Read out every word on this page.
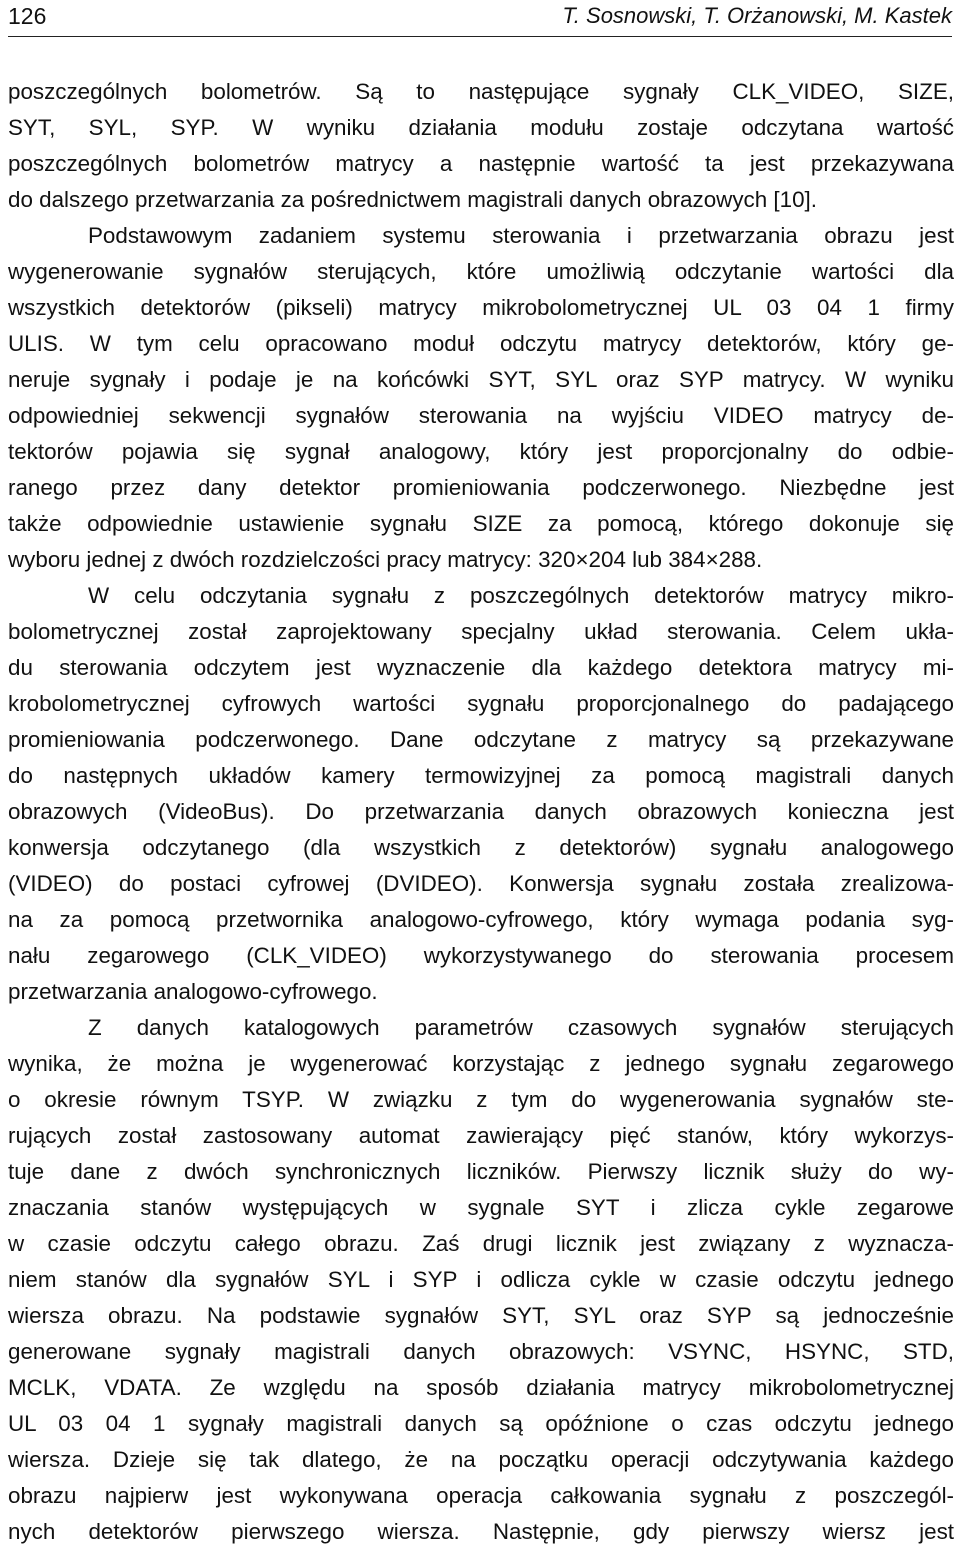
126	T. Sosnowski, T. Orżanowski, M. Kastek
poszczególnych bolometrów. Są to następujące sygnały CLK_VIDEO, SIZE,
SYT, SYL, SYP. W wyniku działania modułu zostaje odczytana wartość
poszczególnych bolometrów matrycy a następnie wartość ta jest przekazywana
do dalszego przetwarzania za pośrednictwem magistrali danych obrazowych [10].
Podstawowym zadaniem systemu sterowania i przetwarzania obrazu jest
wygenerowanie sygnałów sterujących, które umożliwią odczytanie wartości dla
wszystkich detektorów (pikseli) matrycy mikrobolometrycznej UL 03 04 1 firmy
ULIS. W tym celu opracowano moduł odczytu matrycy detektorów, który ge-
neruje sygnały i podaje je na końcówki SYT, SYL oraz SYP matrycy. W wyniku
odpowiedniej sekwencji sygnałów sterowania na wyjściu VIDEO matrycy de-
tektorów pojawia się sygnał analogowy, który jest proporcjonalny do odbie-
ranego przez dany detektor promieniowania podczerwonego. Niezbędne jest
także odpowiednie ustawienie sygnału SIZE za pomocą, którego dokonuje się
wyboru jednej z dwóch rozdzielczości pracy matrycy: 320×204 lub 384×288.
W celu odczytania sygnału z poszczególnych detektorów matrycy mikro-
bolometrycznej został zaprojektowany specjalny układ sterowania. Celem ukła-
du sterowania odczytem jest wyznaczenie dla każdego detektora matrycy mi-
krobolometrycznej cyfrowych wartości sygnału proporcjonalnego do padającego
promieniowania podczerwonego. Dane odczytane z matrycy są przekazywane
do następnych układów kamery termowizyjnej za pomocą magistrali danych
obrazowych (VideoBus). Do przetwarzania danych obrazowych konieczna jest
konwersja odczytanego (dla wszystkich z detektorów) sygnału analogowego
(VIDEO) do postaci cyfrowej (DVIDEO). Konwersja sygnału została zrealizowa-
na za pomocą przetwornika analogowo-cyfrowego, który wymaga podania syg-
nału zegarowego (CLK_VIDEO) wykorzystywanego do sterowania procesem
przetwarzania analogowo-cyfrowego.
Z danych katalogowych parametrów czasowych sygnałów sterujących
wynika, że można je wygenerować korzystając z jednego sygnału zegarowego
o okresie równym TSYP. W związku z tym do wygenerowania sygnałów ste-
rujących został zastosowany automat zawierający pięć stanów, który wykorzys-
tuje dane z dwóch synchronicznych liczników. Pierwszy licznik służy do wy-
znaczania stanów występujących w sygnale SYT i zlicza cykle zegarowe
w czasie odczytu całego obrazu. Zaś drugi licznik jest związany z wyznacza-
niem stanów dla sygnałów SYL i SYP i odlicza cykle w czasie odczytu jednego
wiersza obrazu. Na podstawie sygnałów SYT, SYL oraz SYP są jednocześnie
generowane sygnały magistrali danych obrazowych: VSYNC, HSYNC, STD,
MCLK, VDATA. Ze względu na sposób działania matrycy mikrobolometrycznej
UL 03 04 1 sygnały magistrali danych są opóźnione o czas odczytu jednego
wiersza. Dzieje się tak dlatego, że na początku operacji odczytywania każdego
obrazu najpierw jest wykonywana operacja całkowania sygnału z poszczegól-
nych detektorów pierwszego wiersza. Następnie, gdy pierwszy wiersz jest
